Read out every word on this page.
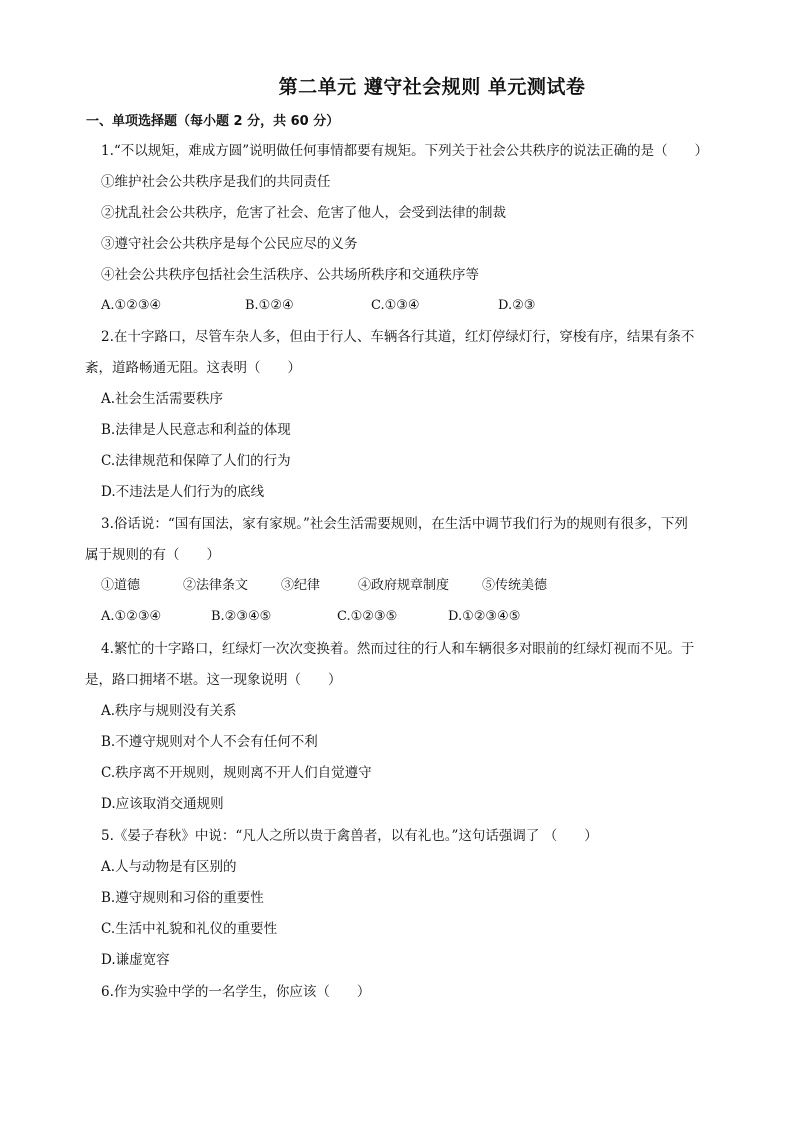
第二单元 遵守社会规则 单元测试卷
一、单项选择题（每小题 2 分，共 60 分）
1.“不以规矩，难成方圆”说明做任何事情都要有规矩。下列关于社会公共秩序的说法正确的是（　　）
①维护社会公共秩序是我们的共同责任
②扰乱社会公共秩序，危害了社会、危害了他人，会受到法律的制裁
③遵守社会公共秩序是每个公民应尽的义务
④社会公共秩序包括社会生活秩序、公共场所秩序和交通秩序等
A.①②③④	B.①②④	C.①③④	D.②③
2.在十字路口，尽管车杂人多，但由于行人、车辆各行其道，红灯停绿灯行，穿梭有序，结果有条不
紊，道路畅通无阻。这表明（　　）
A.社会生活需要秩序
B.法律是人民意志和利益的体现
C.法律规范和保障了人们的行为
D.不违法是人们行为的底线
3.俗话说：“国有国法，家有家规。”社会生活需要规则，在生活中调节我们行为的规则有很多，下列
属于规则的有（　　）
①道德	②法律条文	③纪律	④政府规章制度	⑤传统美德
A.①②③④	B.②③④⑤	C.①②③⑤	D.①②③④⑤
4.繁忙的十字路口，红绿灯一次次变换着。然而过往的行人和车辆很多对眼前的红绿灯视而不见。于
是，路口拥堵不堪。这一现象说明（　　）
A.秩序与规则没有关系
B.不遵守规则对个人不会有任何不利
C.秩序离不开规则，规则离不开人们自觉遵守
D.应该取消交通规则
5.《晏子春秋》中说：“凡人之所以贵于禽兽者，以有礼也。”这句话强调了 （　　）
A.人与动物是有区别的
B.遵守规则和习俗的重要性
C.生活中礼貌和礼仪的重要性
D.谦虚宽容
6.作为实验中学的一名学生，你应该（　　）
